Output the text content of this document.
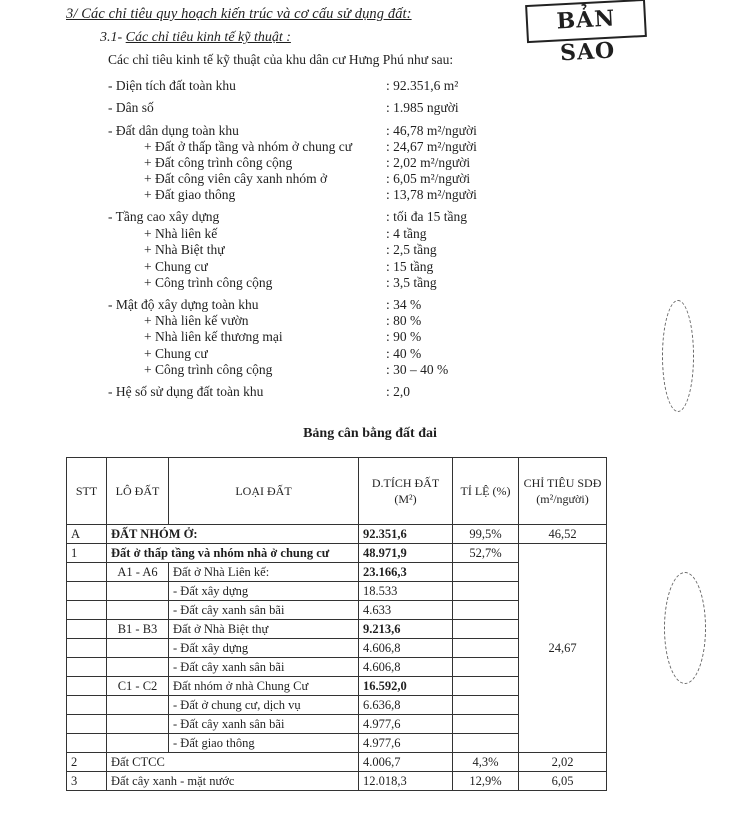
3/ Các chỉ tiêu quy hoạch kiến trúc và cơ cấu sử dụng đất:	BẢN SAO
3.1- Các chỉ tiêu kinh tế kỹ thuật :
Các chỉ tiêu kinh tế kỹ thuật của khu dân cư Hưng Phú như sau:
- Diện tích đất toàn khu	: 92.351,6 m²
- Dân số	: 1.985 người
- Đất dân dụng toàn khu	: 46,78 m²/người
+ Đất ở thấp tầng và nhóm ở chung cư	: 24,67 m²/người
+ Đất công trình công cộng	: 2,02 m²/người
+ Đất công viên cây xanh nhóm ở	: 6,05 m²/người
+ Đất giao thông	: 13,78 m²/người
- Tầng cao xây dựng	: tối đa 15 tầng
+ Nhà liên kế	: 4 tầng
+ Nhà Biệt thự	: 2,5 tầng
+ Chung cư	: 15 tầng
+ Công trình công cộng	: 3,5 tầng
- Mật độ xây dựng toàn khu	: 34 %
+ Nhà liên kế vườn	: 80 %
+ Nhà liên kế thương mại	: 90 %
+ Chung cư	: 40 %
+ Công trình công cộng	: 30 – 40 %
- Hệ số sử dụng đất toàn khu	: 2,0
Bảng cân bằng đất đai
STT	LÔ ĐẤT	LOẠI ĐẤT	D.TÍCH ĐẤT (M²)	TỈ LỆ (%)	CHỈ TIÊU SDĐ (m²/người)
A	ĐẤT NHÓM Ở:		92.351,6	99,5%	46,52
1	Đất ở thấp tầng và nhóm nhà ở chung cư		48.971,9	52,7%	24,67
	A1 - A6	Đất ở Nhà Liên kế:	23.166,3		
		- Đất xây dựng	18.533		
		- Đất cây xanh sân bãi	4.633		
	B1 - B3	Đất ở Nhà Biệt thự	9.213,6		
		- Đất xây dựng	4.606,8		
		- Đất cây xanh sân bãi	4.606,8		
	C1 - C2	Đất nhóm ở nhà Chung Cư	16.592,0		
		- Đất ở chung cư, dịch vụ	6.636,8		
		- Đất cây xanh sân bãi	4.977,6		
		- Đất giao thông	4.977,6		
2	Đất CTCC		4.006,7	4,3%	2,02
3	Đất cây xanh - mặt nước		12.018,3	12,9%	6,05
